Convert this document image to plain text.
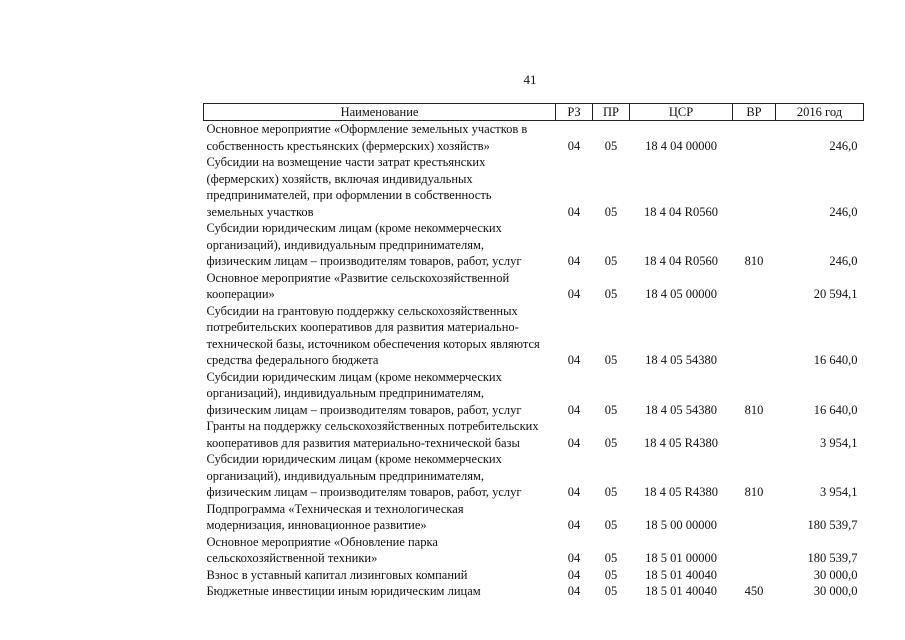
41
Наименование	РЗ	ПР	ЦСР	ВР	2016 год

Основное мероприятие «Оформление земельных участков в
собственность крестьянских (фермерских) хозяйств»	04	05	18 4 04 00000		246,0

Субсидии на возмещение части затрат крестьянских
(фермерских) хозяйств, включая индивидуальных
предпринимателей, при оформлении в собственность
земельных участков	04	05	18 4 04 R0560		246,0

Субсидии юридическим лицам (кроме некоммерческих
организаций), индивидуальным предпринимателям,
физическим лицам – производителям товаров, работ, услуг	04	05	18 4 04 R0560	810	246,0

Основное мероприятие «Развитие сельскохозяйственной
кооперации»	04	05	18 4 05 00000		20 594,1

Субсидии на грантовую поддержку сельскохозяйственных
потребительских кооперативов для развития материально-
технической базы, источником обеспечения которых являются
средства федерального бюджета	04	05	18 4 05 54380		16 640,0

Субсидии юридическим лицам (кроме некоммерческих
организаций), индивидуальным предпринимателям,
физическим лицам – производителям товаров, работ, услуг	04	05	18 4 05 54380	810	16 640,0

Гранты на поддержку сельскохозяйственных потребительских
кооперативов для развития материально-технической базы	04	05	18 4 05 R4380		3 954,1

Субсидии юридическим лицам (кроме некоммерческих
организаций), индивидуальным предпринимателям,
физическим лицам – производителям товаров, работ, услуг	04	05	18 4 05 R4380	810	3 954,1

Подпрограмма «Техническая и технологическая
модернизация, инновационное развитие»	04	05	18 5 00 00000		180 539,7

Основное мероприятие «Обновление парка
сельскохозяйственной техники»	04	05	18 5 01 00000		180 539,7

Взнос в уставный капитал лизинговых компаний	04	05	18 5 01 40040		30 000,0

Бюджетные инвестиции иным юридическим лицам	04	05	18 5 01 40040	450	30 000,0
